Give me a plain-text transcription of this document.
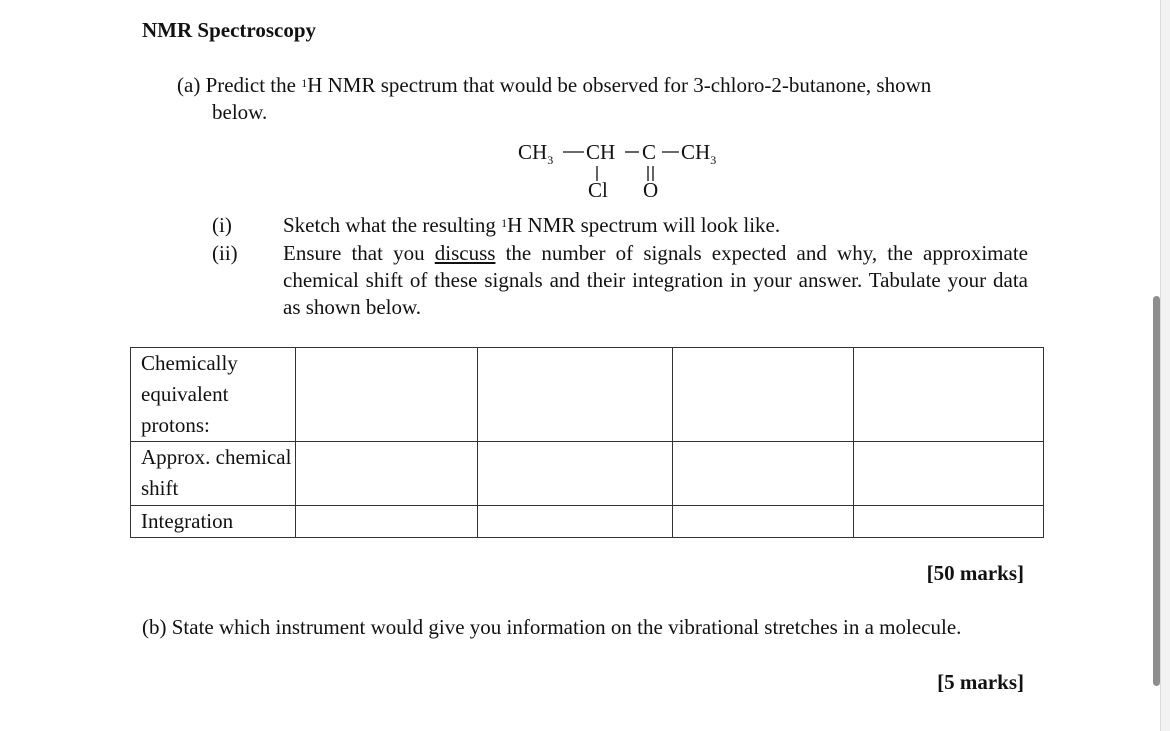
NMR Spectroscopy
(a) Predict the $^1$H NMR spectrum that would be observed for 3-chloro-2-butanone, shown
below.
$CH_3$ CH C $CH_3$
Cl O
(i) Sketch what the resulting $^1$H NMR spectrum will look like.
(ii) Ensure that you discuss the number of signals expected and why, the approximate chemical shift of these signals and their integration in your answer. Tabulate your data as shown below.
Chemically equivalent protons:				
Approx. chemical shift				
Integration				
[50 marks]
(b) State which instrument would give you information on the vibrational stretches in a molecule.
[5 marks]
